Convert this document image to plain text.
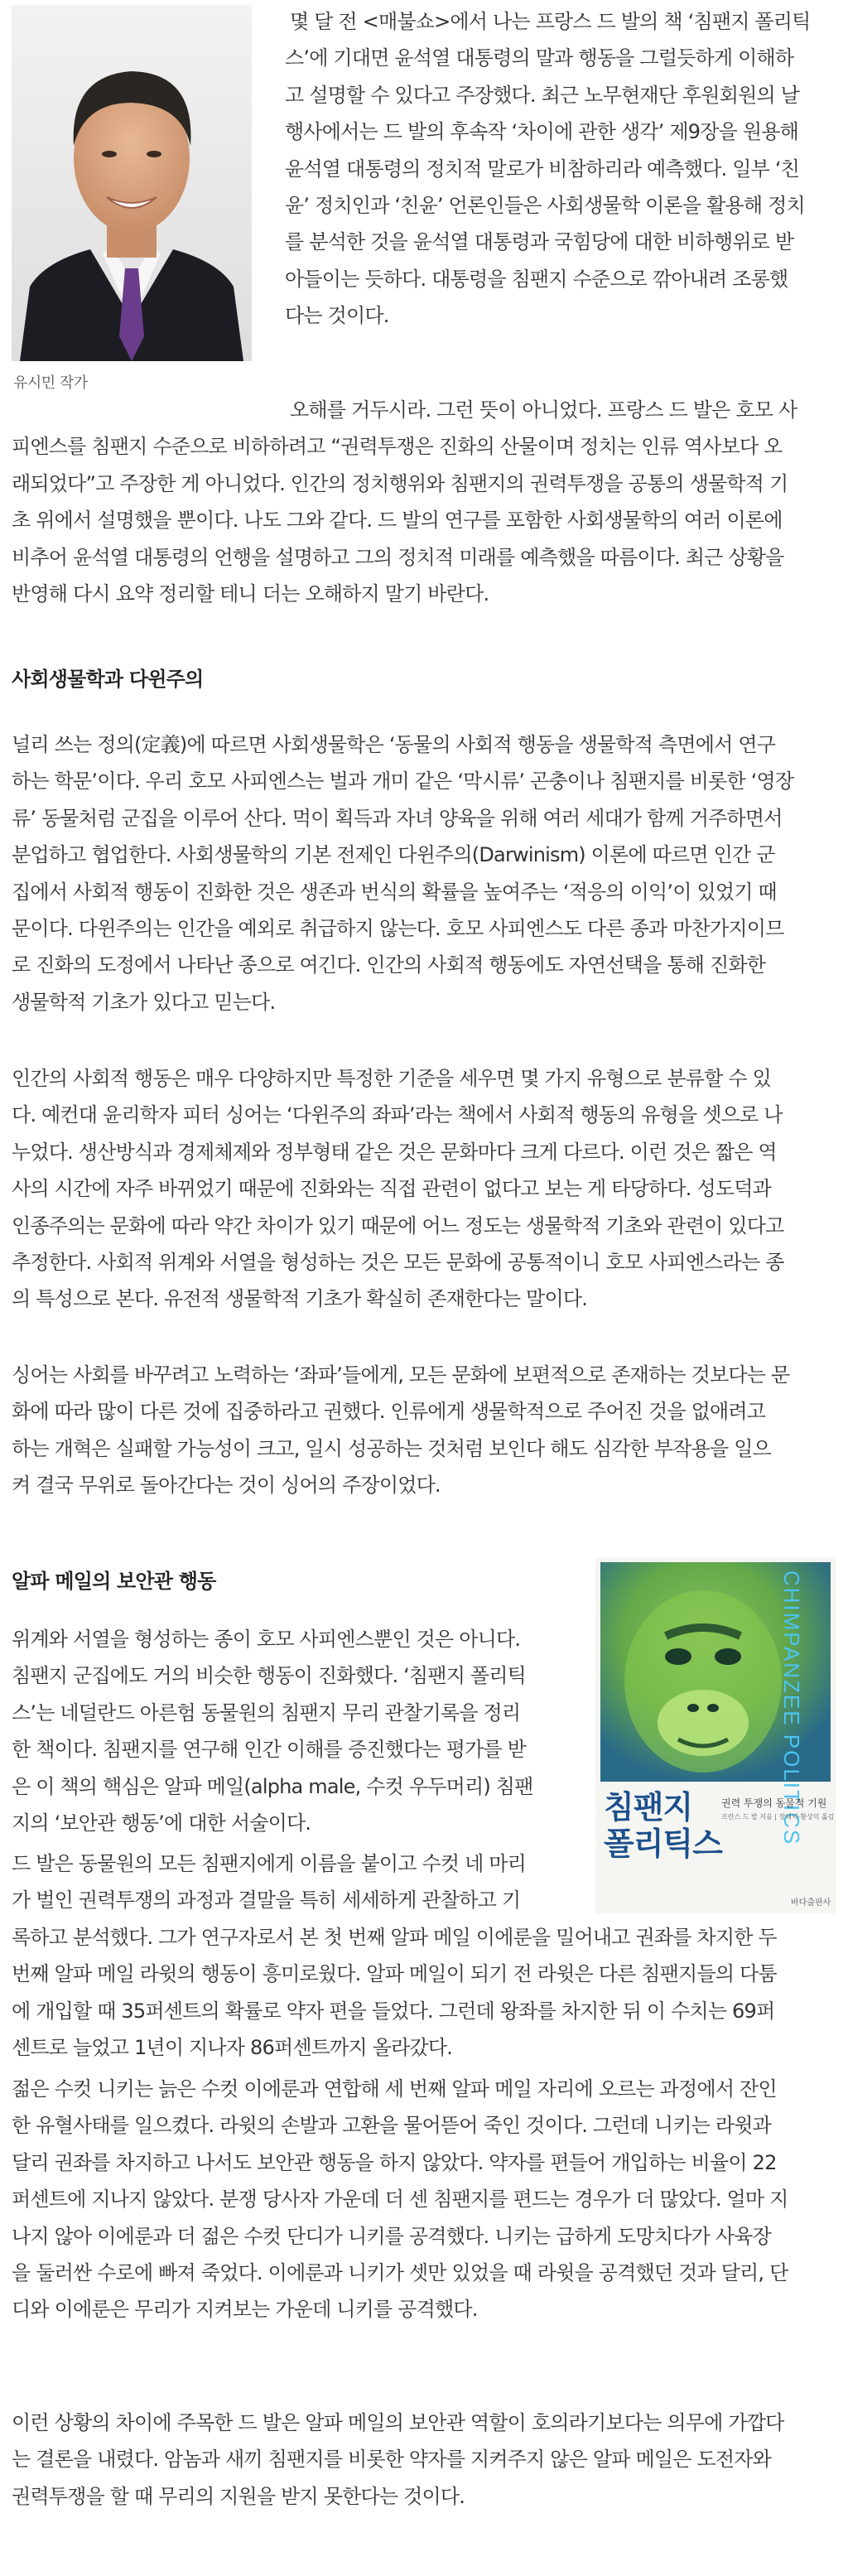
유시민 작가

몇 달 전 <매불쇼>에서 나는 프랑스 드 발의 책 ‘침팬지 폴리틱
스’에 기대면 윤석열 대통령의 말과 행동을 그럴듯하게 이해하
고 설명할 수 있다고 주장했다. 최근 노무현재단 후원회원의 날
행사에서는 드 발의 후속작 ‘차이에 관한 생각’ 제9장을 원용해
윤석열 대통령의 정치적 말로가 비참하리라 예측했다. 일부 ‘친
윤’ 정치인과 ‘친윤’ 언론인들은 사회생물학 이론을 활용해 정치
를 분석한 것을 윤석열 대통령과 국힘당에 대한 비하행위로 받
아들이는 듯하다. 대통령을 침팬지 수준으로 깎아내려 조롱했
다는 것이다.

오해를 거두시라. 그런 뜻이 아니었다. 프랑스 드 발은 호모 사
피엔스를 침팬지 수준으로 비하하려고 “권력투쟁은 진화의 산물이며 정치는 인류 역사보다 오
래되었다”고 주장한 게 아니었다. 인간의 정치행위와 침팬지의 권력투쟁을 공통의 생물학적 기
초 위에서 설명했을 뿐이다. 나도 그와 같다. 드 발의 연구를 포함한 사회생물학의 여러 이론에
비추어 윤석열 대통령의 언행을 설명하고 그의 정치적 미래를 예측했을 따름이다. 최근 상황을
반영해 다시 요약 정리할 테니 더는 오해하지 말기 바란다.

사회생물학과 다윈주의

널리 쓰는 정의(定義)에 따르면 사회생물학은 ‘동물의 사회적 행동을 생물학적 측면에서 연구
하는 학문’이다. 우리 호모 사피엔스는 벌과 개미 같은 ‘막시류’ 곤충이나 침팬지를 비롯한 ‘영장
류’ 동물처럼 군집을 이루어 산다. 먹이 획득과 자녀 양육을 위해 여러 세대가 함께 거주하면서
분업하고 협업한다. 사회생물학의 기본 전제인 다윈주의(Darwinism) 이론에 따르면 인간 군
집에서 사회적 행동이 진화한 것은 생존과 번식의 확률을 높여주는 ‘적응의 이익’이 있었기 때
문이다. 다윈주의는 인간을 예외로 취급하지 않는다. 호모 사피엔스도 다른 종과 마찬가지이므
로 진화의 도정에서 나타난 종으로 여긴다. 인간의 사회적 행동에도 자연선택을 통해 진화한
생물학적 기초가 있다고 믿는다.

인간의 사회적 행동은 매우 다양하지만 특정한 기준을 세우면 몇 가지 유형으로 분류할 수 있
다. 예컨대 윤리학자 피터 싱어는 ‘다윈주의 좌파’라는 책에서 사회적 행동의 유형을 셋으로 나
누었다. 생산방식과 경제체제와 정부형태 같은 것은 문화마다 크게 다르다. 이런 것은 짧은 역
사의 시간에 자주 바뀌었기 때문에 진화와는 직접 관련이 없다고 보는 게 타당하다. 성도덕과
인종주의는 문화에 따라 약간 차이가 있기 때문에 어느 정도는 생물학적 기초와 관련이 있다고
추정한다. 사회적 위계와 서열을 형성하는 것은 모든 문화에 공통적이니 호모 사피엔스라는 종
의 특성으로 본다. 유전적 생물학적 기초가 확실히 존재한다는 말이다.

싱어는 사회를 바꾸려고 노력하는 ‘좌파’들에게, 모든 문화에 보편적으로 존재하는 것보다는 문
화에 따라 많이 다른 것에 집중하라고 권했다. 인류에게 생물학적으로 주어진 것을 없애려고
하는 개혁은 실패할 가능성이 크고, 일시 성공하는 것처럼 보인다 해도 심각한 부작용을 일으
켜 결국 무위로 돌아간다는 것이 싱어의 주장이었다.

알파 메일의 보안관 행동	CHIMPANZEE POLITICS
침팬지
폴리틱스
권력 투쟁의 동물적 기원
프란스 드 발 지음 | 장대익·황상익 옮김
바다출판사

위계와 서열을 형성하는 종이 호모 사피엔스뿐인 것은 아니다.
침팬지 군집에도 거의 비슷한 행동이 진화했다. ‘침팬지 폴리틱
스’는 네덜란드 아른험 동물원의 침팬지 무리 관찰기록을 정리
한 책이다. 침팬지를 연구해 인간 이해를 증진했다는 평가를 받
은 이 책의 핵심은 알파 메일(alpha male, 수컷 우두머리) 침팬
지의 ‘보안관 행동’에 대한 서술이다.

드 발은 동물원의 모든 침팬지에게 이름을 붙이고 수컷 네 마리
가 벌인 권력투쟁의 과정과 결말을 특히 세세하게 관찰하고 기
록하고 분석했다. 그가 연구자로서 본 첫 번째 알파 메일 이에룬을 밀어내고 권좌를 차지한 두
번째 알파 메일 라윗의 행동이 흥미로웠다. 알파 메일이 되기 전 라윗은 다른 침팬지들의 다툼
에 개입할 때 35퍼센트의 확률로 약자 편을 들었다. 그런데 왕좌를 차지한 뒤 이 수치는 69퍼
센트로 늘었고 1년이 지나자 86퍼센트까지 올라갔다.

젊은 수컷 니키는 늙은 수컷 이에룬과 연합해 세 번째 알파 메일 자리에 오르는 과정에서 잔인
한 유혈사태를 일으켰다. 라윗의 손발과 고환을 물어뜯어 죽인 것이다. 그런데 니키는 라윗과
달리 권좌를 차지하고 나서도 보안관 행동을 하지 않았다. 약자를 편들어 개입하는 비율이 22
퍼센트에 지나지 않았다. 분쟁 당사자 가운데 더 센 침팬지를 편드는 경우가 더 많았다. 얼마 지
나지 않아 이에룬과 더 젊은 수컷 단디가 니키를 공격했다. 니키는 급하게 도망치다가 사육장
을 둘러싼 수로에 빠져 죽었다. 이에룬과 니키가 셋만 있었을 때 라윗을 공격했던 것과 달리, 단
디와 이에룬은 무리가 지켜보는 가운데 니키를 공격했다.

이런 상황의 차이에 주목한 드 발은 알파 메일의 보안관 역할이 호의라기보다는 의무에 가깝다
는 결론을 내렸다. 암놈과 새끼 침팬지를 비롯한 약자를 지켜주지 않은 알파 메일은 도전자와
권력투쟁을 할 때 무리의 지원을 받지 못한다는 것이다.
